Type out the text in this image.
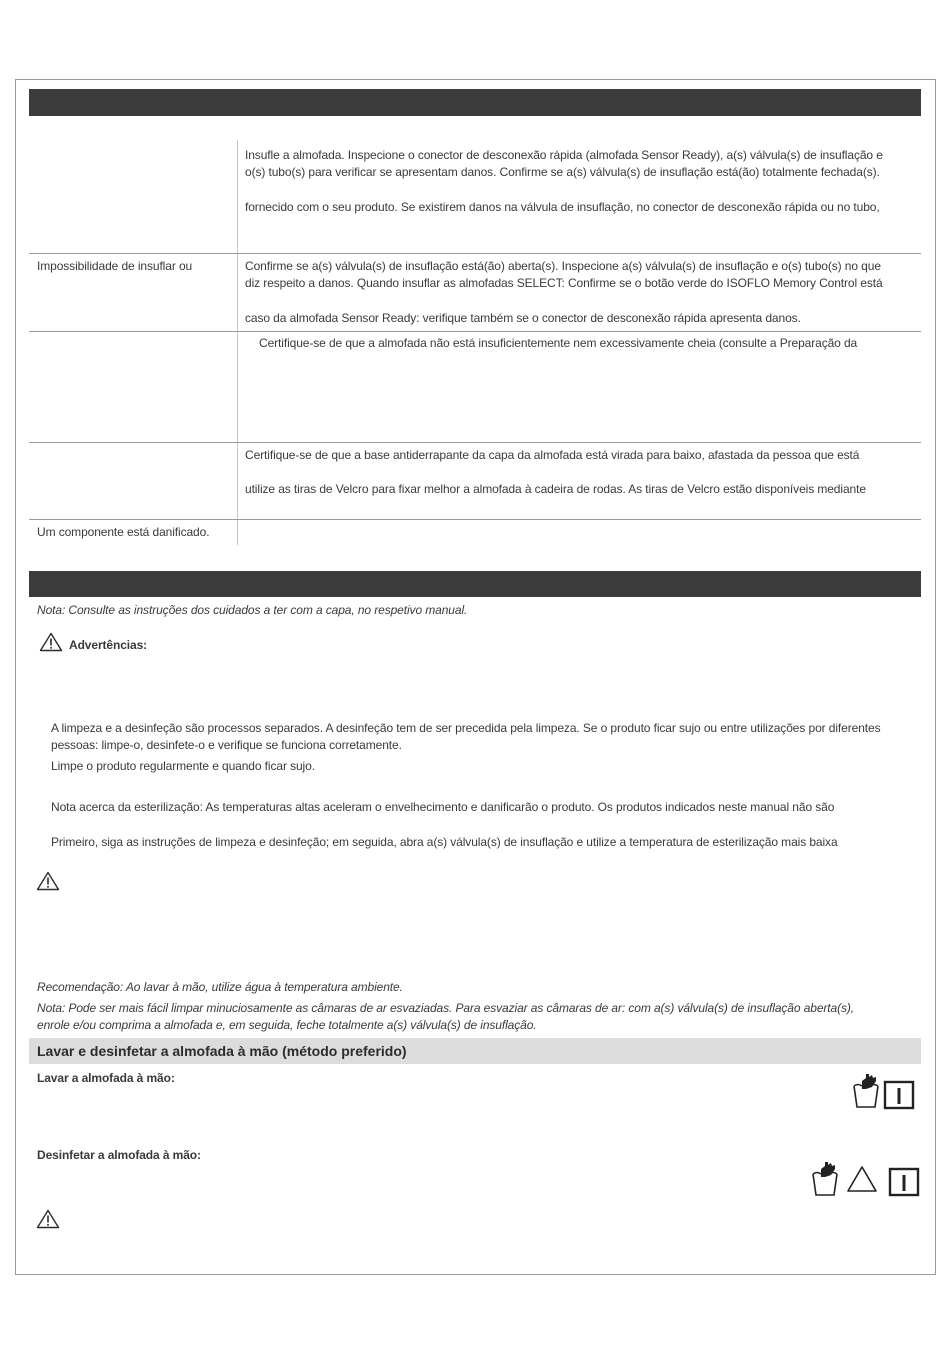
Insufle a almofada. Inspecione o conector de desconexão rápida (almofada Sensor Ready), a(s) válvula(s) de insuflação e
o(s) tubo(s) para verificar se apresentam danos. Confirme se a(s) válvula(s) de insuflação está(ão) totalmente fechada(s).
fornecido com o seu produto. Se existirem danos na válvula de insuflação, no conector de desconexão rápida ou no tubo,
Impossibilidade de insuflar ou	Confirme se a(s) válvula(s) de insuflação está(ão) aberta(s). Inspecione a(s) válvula(s) de insuflação e o(s) tubo(s) no que
diz respeito a danos. Quando insuflar as almofadas SELECT: Confirme se o botão verde do ISOFLO Memory Control está
caso da almofada Sensor Ready: verifique também se o conector de desconexão rápida apresenta danos.
Certifique-se de que a almofada não está insuficientemente nem excessivamente cheia (consulte a Preparação da
Certifique-se de que a base antiderrapante da capa da almofada está virada para baixo, afastada da pessoa que está
utilize as tiras de Velcro para fixar melhor a almofada à cadeira de rodas. As tiras de Velcro estão disponíveis mediante
Um componente está danificado.
Nota: Consulte as instruções dos cuidados a ter com a capa, no respetivo manual.
Advertências:
A limpeza e a desinfeção são processos separados. A desinfeção tem de ser precedida pela limpeza. Se o produto ficar sujo ou entre utilizações por diferentes
pessoas: limpe-o, desinfete-o e verifique se funciona corretamente.
Limpe o produto regularmente e quando ficar sujo.
Nota acerca da esterilização: As temperaturas altas aceleram o envelhecimento e danificarão o produto. Os produtos indicados neste manual não são
Primeiro, siga as instruções de limpeza e desinfeção; em seguida, abra a(s) válvula(s) de insuflação e utilize a temperatura de esterilização mais baixa
Recomendação: Ao lavar à mão, utilize água à temperatura ambiente.
Nota: Pode ser mais fácil limpar minuciosamente as câmaras de ar esvaziadas. Para esvaziar as câmaras de ar: com a(s) válvula(s) de insuflação aberta(s),
enrole e/ou comprima a almofada e, em seguida, feche totalmente a(s) válvula(s) de insuflação.
Lavar e desinfetar a almofada à mão (método preferido)
Lavar a almofada à mão:
Desinfetar a almofada à mão:
